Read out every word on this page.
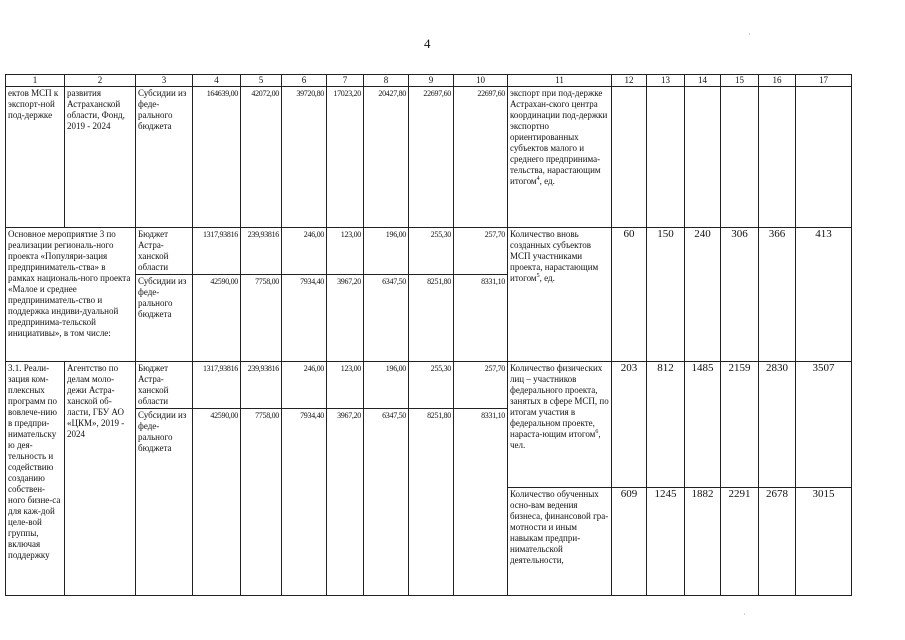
4
1	2	3	4	5	6	7	8	9	10	11	12	13	14	15	16	17
ектов МСП к экспорт-ной под-держке	развития Астраханской области, Фонд, 2019 - 2024	Субсидии из феде-рального бюджета	164639,00	42072,00	39720,80	17023,20	20427,80	22697,60	22697,60	экспорт при под-держке Астрахан-ского центра координации под-держки экспортно ориентированных субъектов малого и среднего предпринима-тельства, нарастающим итогом$^4$, ед.						
Основное мероприятие 3 по реализации региональ-ного проекта «Популяри-зация предприниматель-ства» в рамках националь-ного проекта «Малое и среднее предприниматель-ство и поддержка индиви-дуальной предпринима-тельской инициативы», в том числе:		Бюджет Астра-ханской области	1317,93816	239,93816	246,00	123,00	196,00	255,30	257,70	Количество вновь созданных субъектов МСП участниками проекта, нарастающим итогом$^5$, ед.	60	150	240	306	366	413
		Субсидии из феде-рального бюджета	42590,00	7758,00	7934,40	3967,20	6347,50	8251,80	8331,10							
3.1. Реали-зация ком-плексных программ по вовлече-нию в предпри-нимательскую дея-тельность и содействию созданию собствен-ного бизне-са для каж-дой целе-вой группы, включая поддержку	Агентство по делам моло-дежи Астра-ханской об-ласти, ГБУ АО «ЦКМ», 2019 - 2024	Бюджет Астра-ханской области	1317,93816	239,93816	246,00	123,00	196,00	255,30	257,70	Количество физических лиц – участников федерального проекта, занятых в сфере МСП, по итогам участия в федеральном проекте, нараста-ющим итогом$^6$, чел.	203	812	1485	2159	2830	3507
		Субсидии из феде-рального бюджета	42590,00	7758,00	7934,40	3967,20	6347,50	8251,80	8331,10							
										Количество обученных осно-вам ведения бизнеса, финансовой гра-мотности и иным навыкам предпри-нимательской деятельности,	609	1245	1882	2291	2678	3015
·
·
